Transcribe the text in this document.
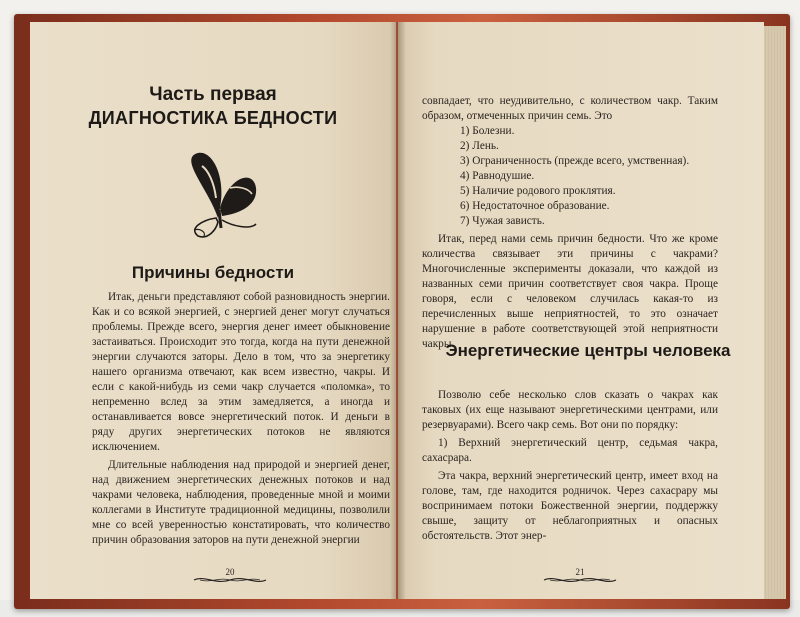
Часть первая
ДИАГНОСТИКА БЕДНОСТИ
Причины бедности

Итак, деньги представляют собой разновидность энергии. Как и со всякой энергией, с энергией денег могут случаться проблемы. Прежде всего, энергия денег имеет обыкновение застаиваться. Происходит это тогда, когда на пути денежной энергии случаются заторы. Дело в том, что за энергетику нашего организма отвечают, как всем известно, чакры. И если с какой-нибудь из семи чакр случается «поломка», то непременно вслед за этим замедляется, а иногда и останавливается вовсе энергетический поток. И деньги в ряду других энергетических потоков не являются исключением.

Длительные наблюдения над природой и энергией денег, над движением энергетических денежных потоков и над чакрами человека, наблюдения, проведенные мной и моими коллегами в Институте традиционной медицины, позволили мне со всей уверенностью констатировать, что количество причин образования заторов на пути денежной энергии

20

совпадает, что неудивительно, с количеством чакр. Таким образом, отмеченных причин семь. Это

1) Болезни.
2) Лень.
3) Ограниченность (прежде всего, умственная).
4) Равнодушие.
5) Наличие родового проклятия.
6) Недостаточное образование.
7) Чужая зависть.

Итак, перед нами семь причин бедности. Что же кроме количества связывает эти причины с чакрами? Многочисленные эксперименты доказали, что каждой из названных семи причин соответствует своя чакра. Проще говоря, если с человеком случилась какая-то из перечисленных выше неприятностей, то это означает нарушение в работе соответствующей этой неприятности чакры.

Энергетические центры человека

Позволю себе несколько слов сказать о чакрах как таковых (их еще называют энергетическими центрами, или резервуарами). Всего чакр семь. Вот они по порядку:

1) Верхний энергетический центр, седьмая чакра, сахасрара.

Эта чакра, верхний энергетический центр, имеет вход на голове, там, где находится родничок. Через сахасрару мы воспринимаем потоки Божественной энергии, поддержку свыше, защиту от неблагоприятных и опасных обстоятельств. Этот энер-

21
